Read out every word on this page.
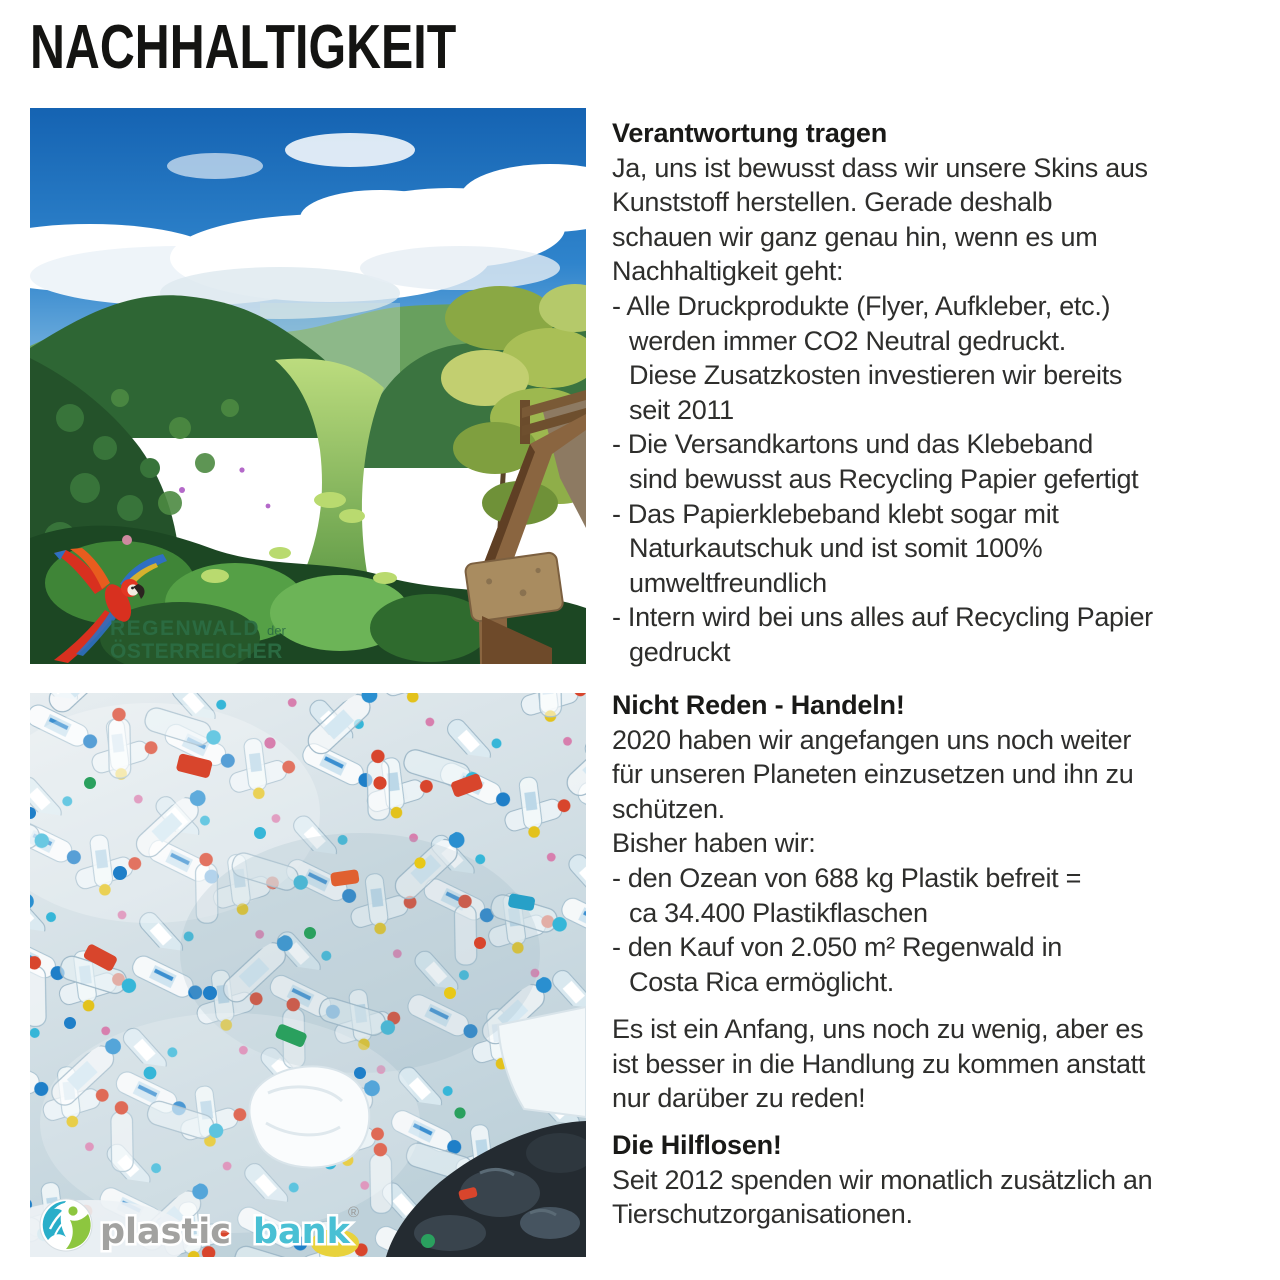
NACHHALTIGKEIT
REGENWALD der
ÖSTERREICHER
plastic bank
®
Verantwortung tragen
Ja, uns ist bewusst dass wir unsere Skins aus
Kunststoff herstellen. Gerade deshalb
schauen wir ganz genau hin, wenn es um
Nachhaltigkeit geht:
- Alle Druckprodukte (Flyer, Aufkleber, etc.)
werden immer CO2 Neutral gedruckt.
Diese Zusatzkosten investieren wir bereits
seit 2011
- Die Versandkartons und das Klebeband
sind bewusst aus Recycling Papier gefertigt
- Das Papierklebeband klebt sogar mit
Naturkautschuk und ist somit 100%
umweltfreundlich
- Intern wird bei uns alles auf Recycling Papier
gedruckt
Nicht Reden - Handeln!
2020 haben wir angefangen uns noch weiter
für unseren Planeten einzusetzen und ihn zu
schützen.
Bisher haben wir:
- den Ozean von 688 kg Plastik befreit =
ca 34.400 Plastikflaschen
- den Kauf von 2.050 m² Regenwald in
Costa Rica ermöglicht.
Es ist ein Anfang, uns noch zu wenig, aber es
ist besser in die Handlung zu kommen anstatt
nur darüber zu reden!
Die Hilflosen!
Seit 2012 spenden wir monatlich zusätzlich an
Tierschutzorganisationen.
